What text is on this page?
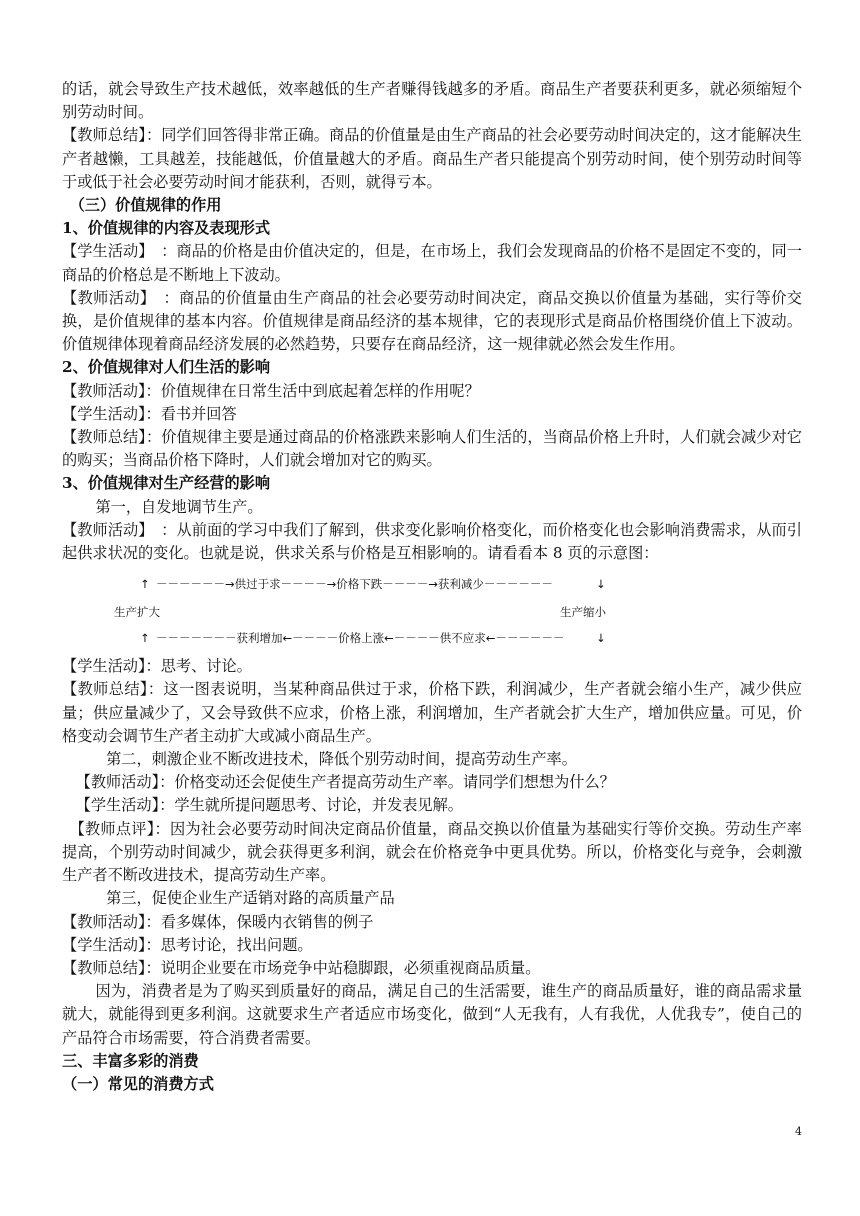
的话，就会导致生产技术越低，效率越低的生产者赚得钱越多的矛盾。商品生产者要获利更多，就必须缩短个别劳动时间。

【教师总结】：同学们回答得非常正确。商品的价值量是由生产商品的社会必要劳动时间决定的，这才能解决生产者越懒，工具越差，技能越低，价值量越大的矛盾。商品生产者只能提高个别劳动时间，使个别劳动时间等于或低于社会必要劳动时间才能获利，否则，就得亏本。

（三）价值规律的作用

1、价值规律的内容及表现形式

【学生活动】　：商品的价格是由价值决定的，但是，在市场上，我们会发现商品的价格不是固定不变的，同一商品的价格总是不断地上下波动。

【教师活动】　：商品的价值量由生产商品的社会必要劳动时间决定，商品交换以价值量为基础，实行等价交换，是价值规律的基本内容。价值规律是商品经济的基本规律，它的表现形式是商品价格围绕价值上下波动。价值规律体现着商品经济发展的必然趋势，只要存在商品经济，这一规律就必然会发生作用。

2、价值规律对人们生活的影响

【教师活动】：价值规律在日常生活中到底起着怎样的作用呢？

【学生活动】：看书并回答

【教师总结】：价值规律主要是通过商品的价格涨跌来影响人们生活的，当商品价格上升时，人们就会减少对它的购买；当商品价格下降时，人们就会增加对它的购买。

3、价值规律对生产经营的影响

第一，自发地调节生产。

【教师活动】　：从前面的学习中我们了解到，供求变化影响价格变化，而价格变化也会影响消费需求，从而引起供求状况的变化。也就是说，供求关系与价格是互相影响的。请看看本 8 页的示意图：

↑ －－－－－－→供过于求－－－－→价格下跌－－－－→获利减少－－－－－－	↓
生产扩大	生产缩小
↑ －－－－－－－获利增加←－－－－价格上涨←－－－－供不应求←－－－－－－	↓

【学生活动】：思考、讨论。

【教师总结】：这一图表说明，当某种商品供过于求，价格下跌，利润减少，生产者就会缩小生产，减少供应量；供应量减少了，又会导致供不应求，价格上涨，利润增加，生产者就会扩大生产，增加供应量。可见，价格变动会调节生产者主动扩大或减小商品生产。

第二，刺激企业不断改进技术，降低个别劳动时间，提高劳动生产率。

【教师活动】：价格变动还会促使生产者提高劳动生产率。请同学们想想为什么？

【学生活动】：学生就所提问题思考、讨论，并发表见解。

【教师点评】：因为社会必要劳动时间决定商品价值量，商品交换以价值量为基础实行等价交换。劳动生产率提高，个别劳动时间减少，就会获得更多利润，就会在价格竞争中更具优势。所以，价格变化与竞争，会刺激生产者不断改进技术，提高劳动生产率。

第三，促使企业生产适销对路的高质量产品

【教师活动】：看多媒体，保暖内衣销售的例子

【学生活动】：思考讨论，找出问题。

【教师总结】：说明企业要在市场竞争中站稳脚跟，必须重视商品质量。

因为，消费者是为了购买到质量好的商品，满足自己的生活需要，谁生产的商品质量好，谁的商品需求量就大，就能得到更多利润。这就要求生产者适应市场变化，做到“人无我有，人有我优，人优我专”，使自己的产品符合市场需要，符合消费者需要。

三、丰富多彩的消费

（一）常见的消费方式

4
